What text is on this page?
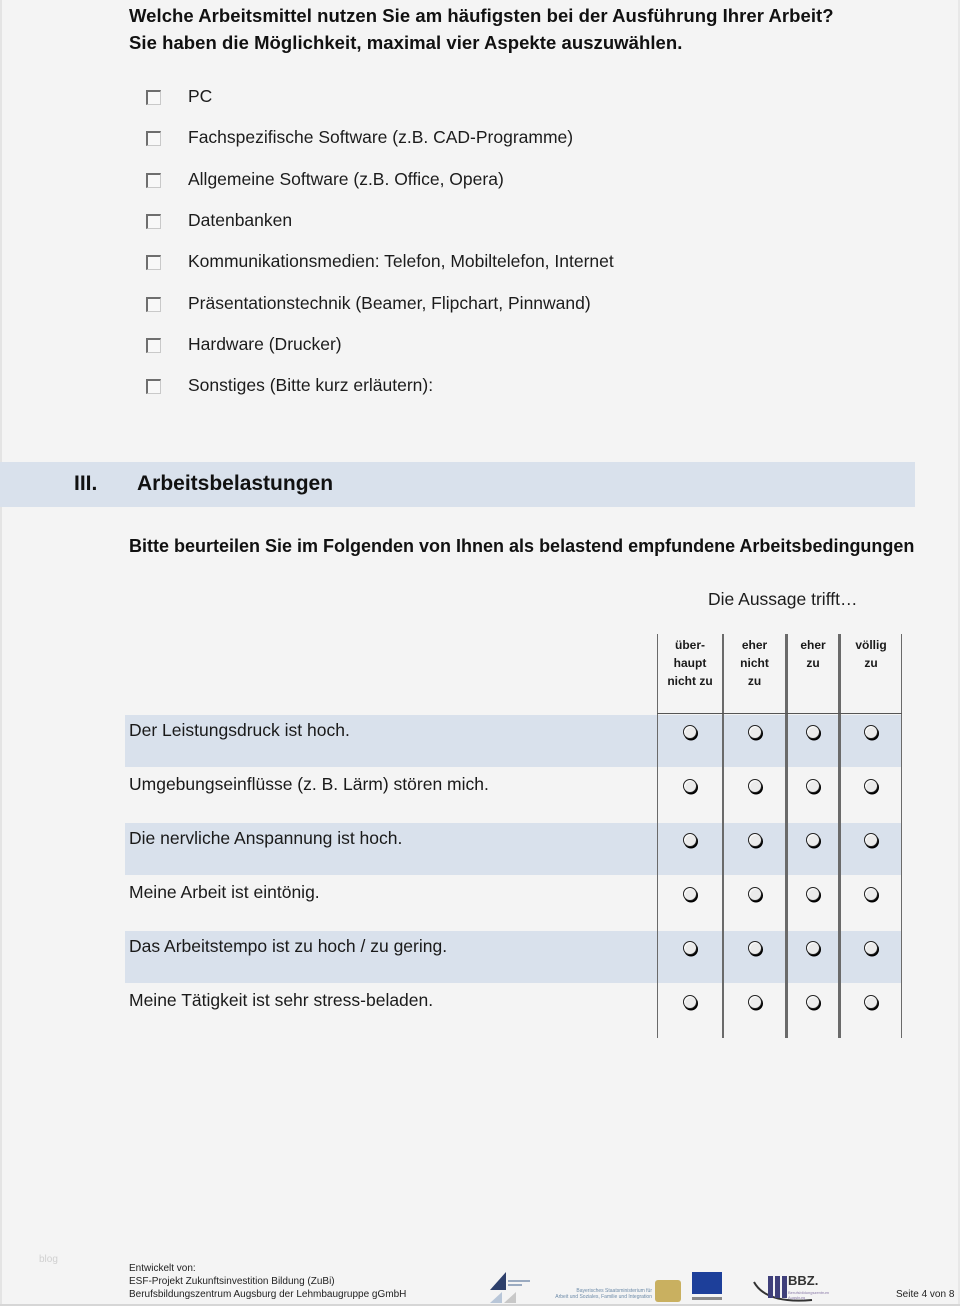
Welche Arbeitsmittel nutzen Sie am häufigsten bei der Ausführung Ihrer Arbeit?
Sie haben die Möglichkeit, maximal vier Aspekte auszuwählen.
PC
Fachspezifische Software (z.B. CAD-Programme)
Allgemeine Software (z.B. Office, Opera)
Datenbanken
Kommunikationsmedien: Telefon, Mobiltelefon, Internet
Präsentationstechnik (Beamer, Flipchart, Pinnwand)
Hardware (Drucker)
Sonstiges (Bitte kurz erläutern):
III. Arbeitsbelastungen
Bitte beurteilen Sie im Folgenden von Ihnen als belastend empfundene Arbeitsbedingungen
Die Aussage trifft…
über-
haupt
nicht zu
eher
nicht
zu
eher
zu
völlig
zu
Der Leistungsdruck ist hoch.
Umgebungseinflüsse (z. B. Lärm) stören mich.
Die nervliche Anspannung ist hoch.
Meine Arbeit ist eintönig.
Das Arbeitstempo ist zu hoch / zu gering.
Meine Tätigkeit ist sehr stress-beladen.
blog
Entwickelt von:
ESF-Projekt Zukunftsinvestition Bildung (ZuBi)
Berufsbildungszentrum Augsburg der Lehmbaugruppe gGmbH	Bayerisches Staatsministerium für
Arbeit und Soziales, Familie und Integration
BBZ.
Berufsbildungszentrum Augsburg	Seite 4 von 8
